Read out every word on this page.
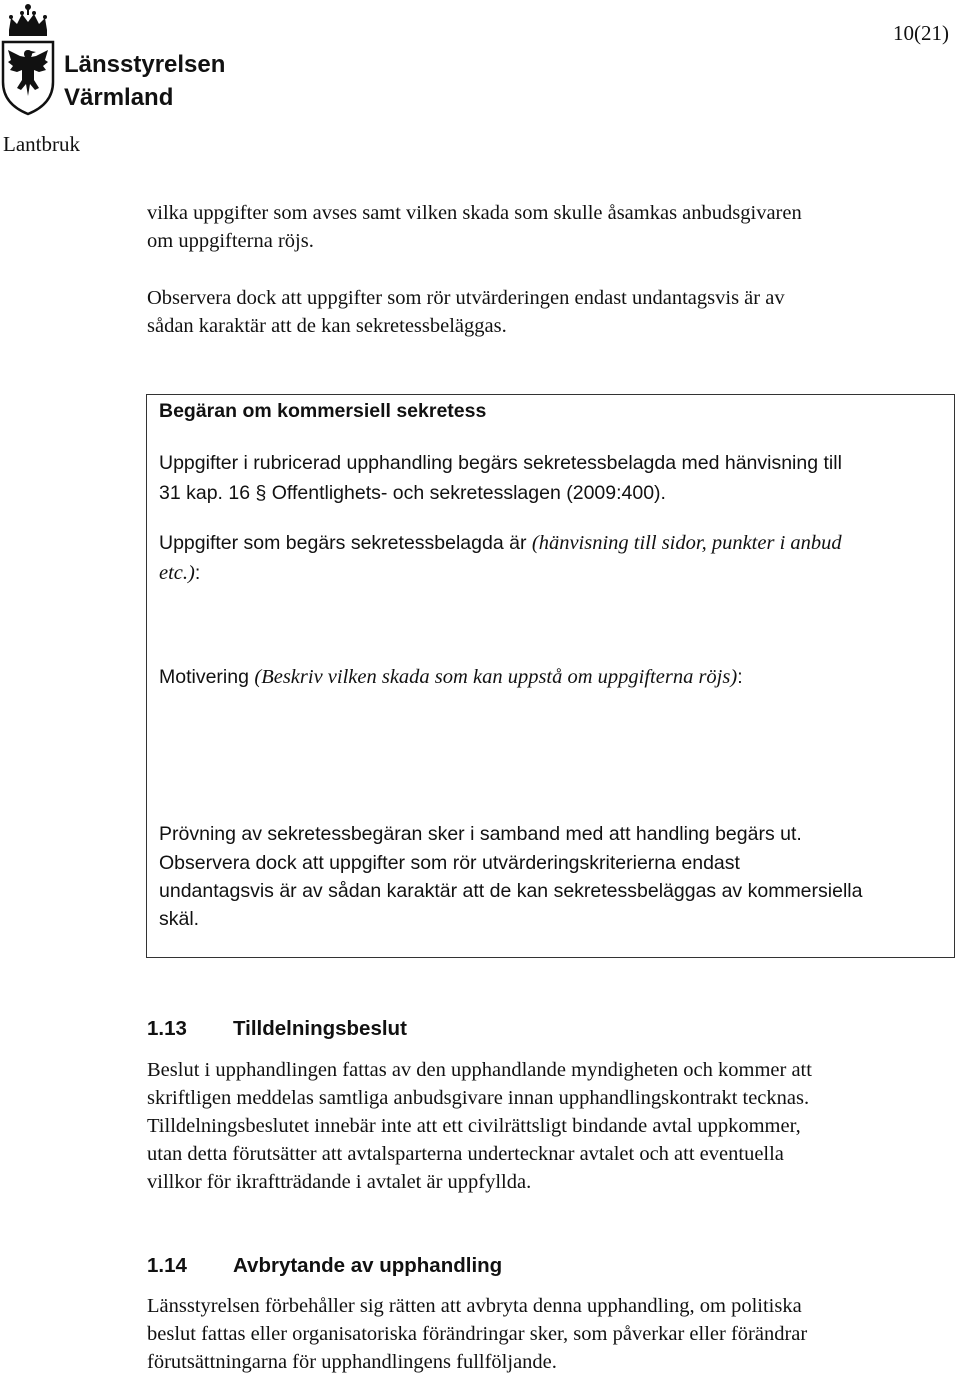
Länsstyrelsen
Värmland
10(21)
Lantbruk

vilka uppgifter som avses samt vilken skada som skulle åsamkas anbudsgivaren

om uppgifterna röjs.

Observera dock att uppgifter som rör utvärderingen endast undantagsvis är av

sådan karaktär att de kan sekretessbeläggas.

Begäran om kommersiell sekretess

Uppgifter i rubricerad upphandling begärs sekretessbelagda med hänvisning till

31 kap. 16 § Offentlighets- och sekretesslagen (2009:400).

Uppgifter som begärs sekretessbelagda är (hänvisning till sidor, punkter i anbud

etc.):

Motivering (Beskriv vilken skada som kan uppstå om uppgifterna röjs):

Prövning av sekretessbegäran sker i samband med att handling begärs ut.

Observera dock att uppgifter som rör utvärderingskriterierna endast

undantagsvis är av sådan karaktär att de kan sekretessbeläggas av kommersiella

skäl.

1.13 Tilldelningsbeslut

Beslut i upphandlingen fattas av den upphandlande myndigheten och kommer att

skriftligen meddelas samtliga anbudsgivare innan upphandlingskontrakt tecknas.

Tilldelningsbeslutet innebär inte att ett civilrättsligt bindande avtal uppkommer,

utan detta förutsätter att avtalsparterna undertecknar avtalet och att eventuella

villkor för ikraftträdande i avtalet är uppfyllda.

1.14 Avbrytande av upphandling

Länsstyrelsen förbehåller sig rätten att avbryta denna upphandling, om politiska

beslut fattas eller organisatoriska förändringar sker, som påverkar eller förändrar

förutsättningarna för upphandlingens fullföljande.
